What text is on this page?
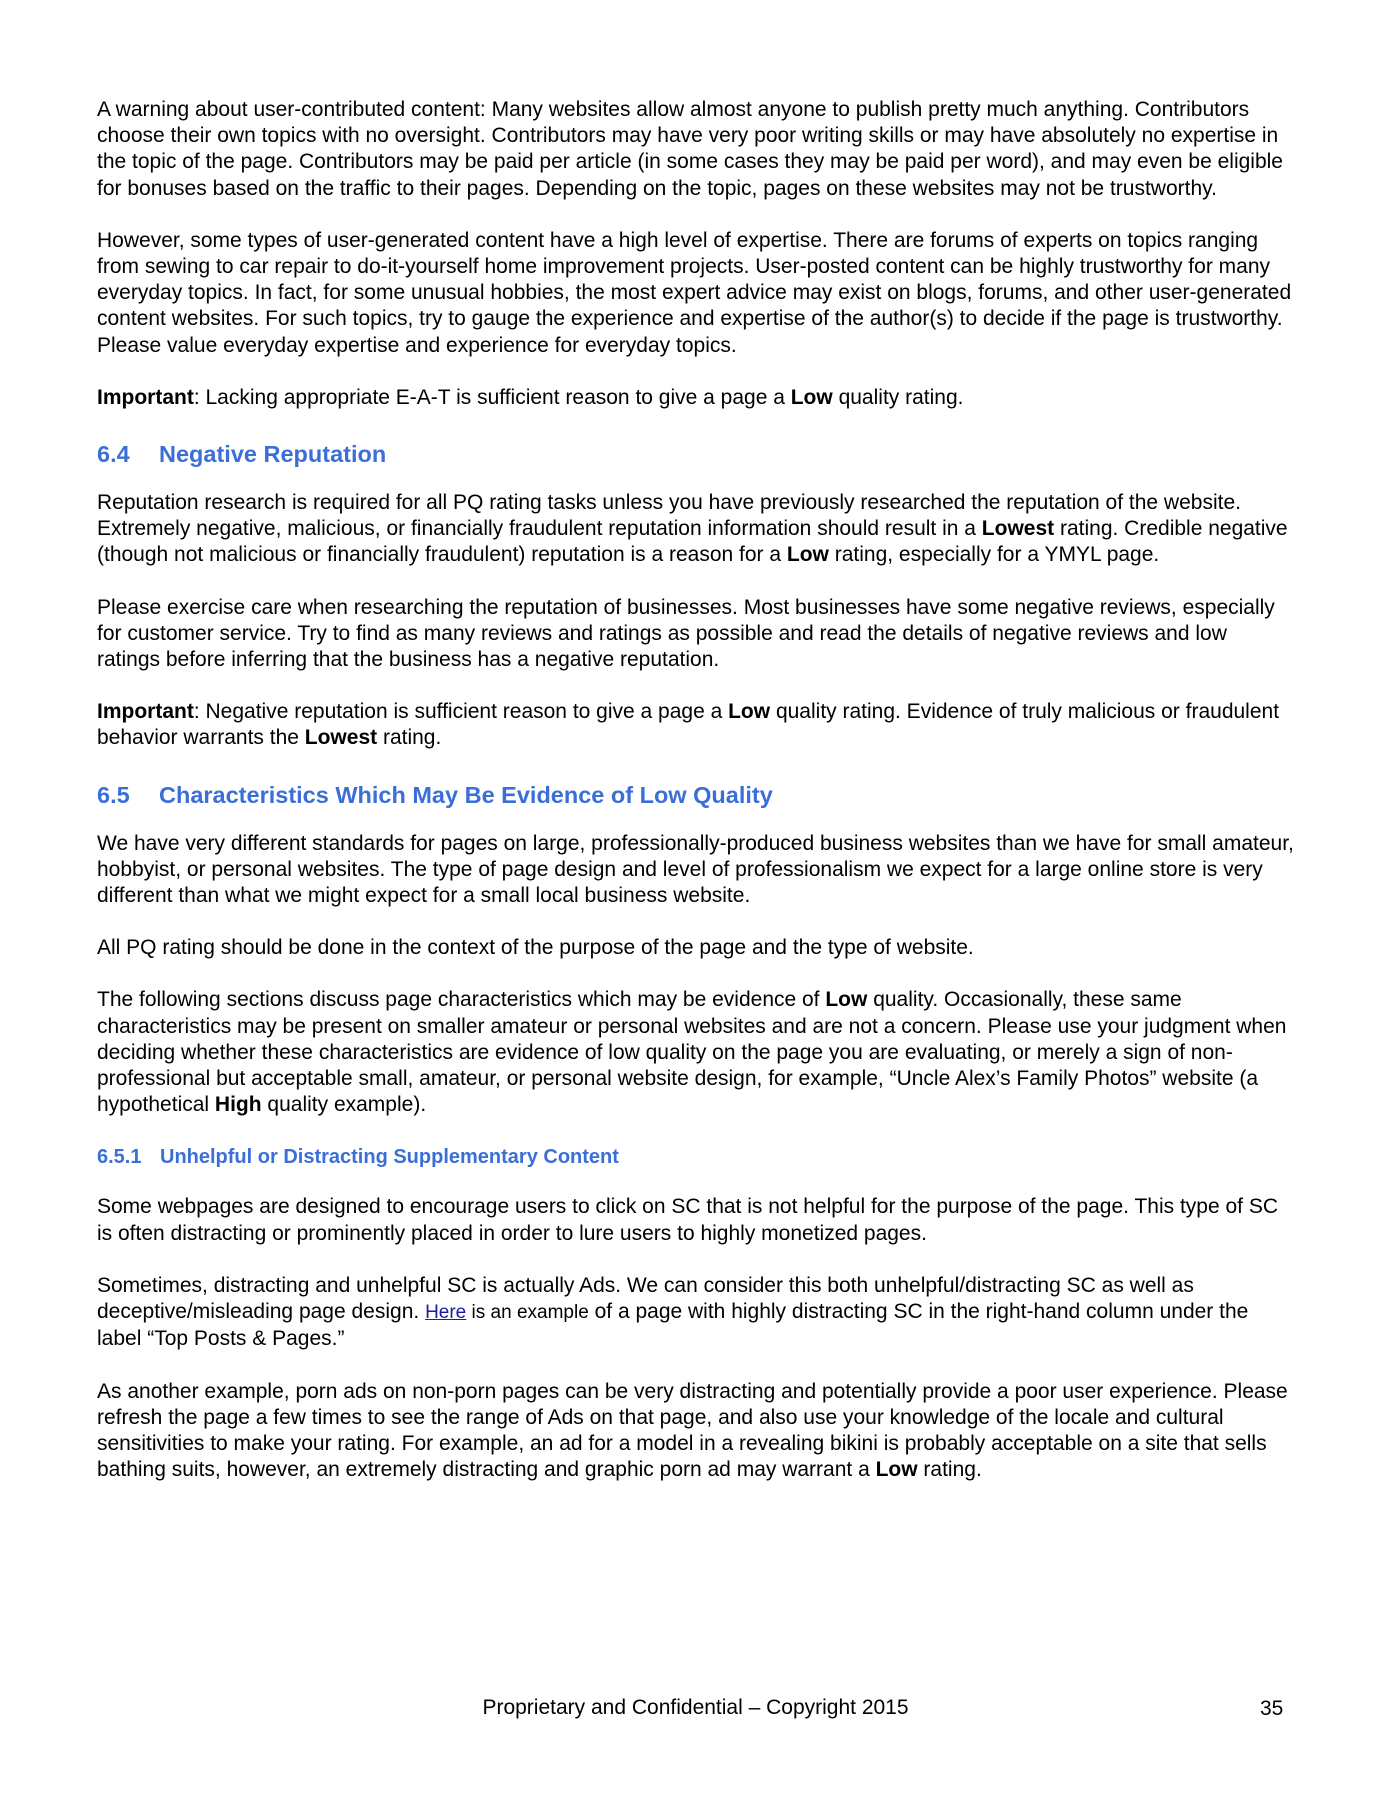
A warning about user-contributed content: Many websites allow almost anyone to publish pretty much anything. Contributors choose their own topics with no oversight. Contributors may have very poor writing skills or may have absolutely no expertise in the topic of the page. Contributors may be paid per article (in some cases they may be paid per word), and may even be eligible for bonuses based on the traffic to their pages. Depending on the topic, pages on these websites may not be trustworthy.

However, some types of user-generated content have a high level of expertise. There are forums of experts on topics ranging from sewing to car repair to do-it-yourself home improvement projects. User-posted content can be highly trustworthy for many everyday topics. In fact, for some unusual hobbies, the most expert advice may exist on blogs, forums, and other user-generated content websites. For such topics, try to gauge the experience and expertise of the author(s) to decide if the page is trustworthy. Please value everyday expertise and experience for everyday topics.

Important: Lacking appropriate E-A-T is sufficient reason to give a page a Low quality rating.

6.4 Negative Reputation

Reputation research is required for all PQ rating tasks unless you have previously researched the reputation of the website. Extremely negative, malicious, or financially fraudulent reputation information should result in a Lowest rating. Credible negative (though not malicious or financially fraudulent) reputation is a reason for a Low rating, especially for a YMYL page.

Please exercise care when researching the reputation of businesses. Most businesses have some negative reviews, especially for customer service. Try to find as many reviews and ratings as possible and read the details of negative reviews and low ratings before inferring that the business has a negative reputation.

Important: Negative reputation is sufficient reason to give a page a Low quality rating. Evidence of truly malicious or fraudulent behavior warrants the Lowest rating.

6.5 Characteristics Which May Be Evidence of Low Quality

We have very different standards for pages on large, professionally-produced business websites than we have for small amateur, hobbyist, or personal websites. The type of page design and level of professionalism we expect for a large online store is very different than what we might expect for a small local business website.

All PQ rating should be done in the context of the purpose of the page and the type of website.

The following sections discuss page characteristics which may be evidence of Low quality. Occasionally, these same characteristics may be present on smaller amateur or personal websites and are not a concern. Please use your judgment when deciding whether these characteristics are evidence of low quality on the page you are evaluating, or merely a sign of non-professional but acceptable small, amateur, or personal website design, for example, “Uncle Alex’s Family Photos” website (a hypothetical High quality example).

6.5.1 Unhelpful or Distracting Supplementary Content

Some webpages are designed to encourage users to click on SC that is not helpful for the purpose of the page. This type of SC is often distracting or prominently placed in order to lure users to highly monetized pages.

Sometimes, distracting and unhelpful SC is actually Ads. We can consider this both unhelpful/distracting SC as well as deceptive/misleading page design. Here is an example of a page with highly distracting SC in the right-hand column under the label “Top Posts & Pages.”

As another example, porn ads on non-porn pages can be very distracting and potentially provide a poor user experience. Please refresh the page a few times to see the range of Ads on that page, and also use your knowledge of the locale and cultural sensitivities to make your rating. For example, an ad for a model in a revealing bikini is probably acceptable on a site that sells bathing suits, however, an extremely distracting and graphic porn ad may warrant a Low rating.

Proprietary and Confidential – Copyright 2015	35
